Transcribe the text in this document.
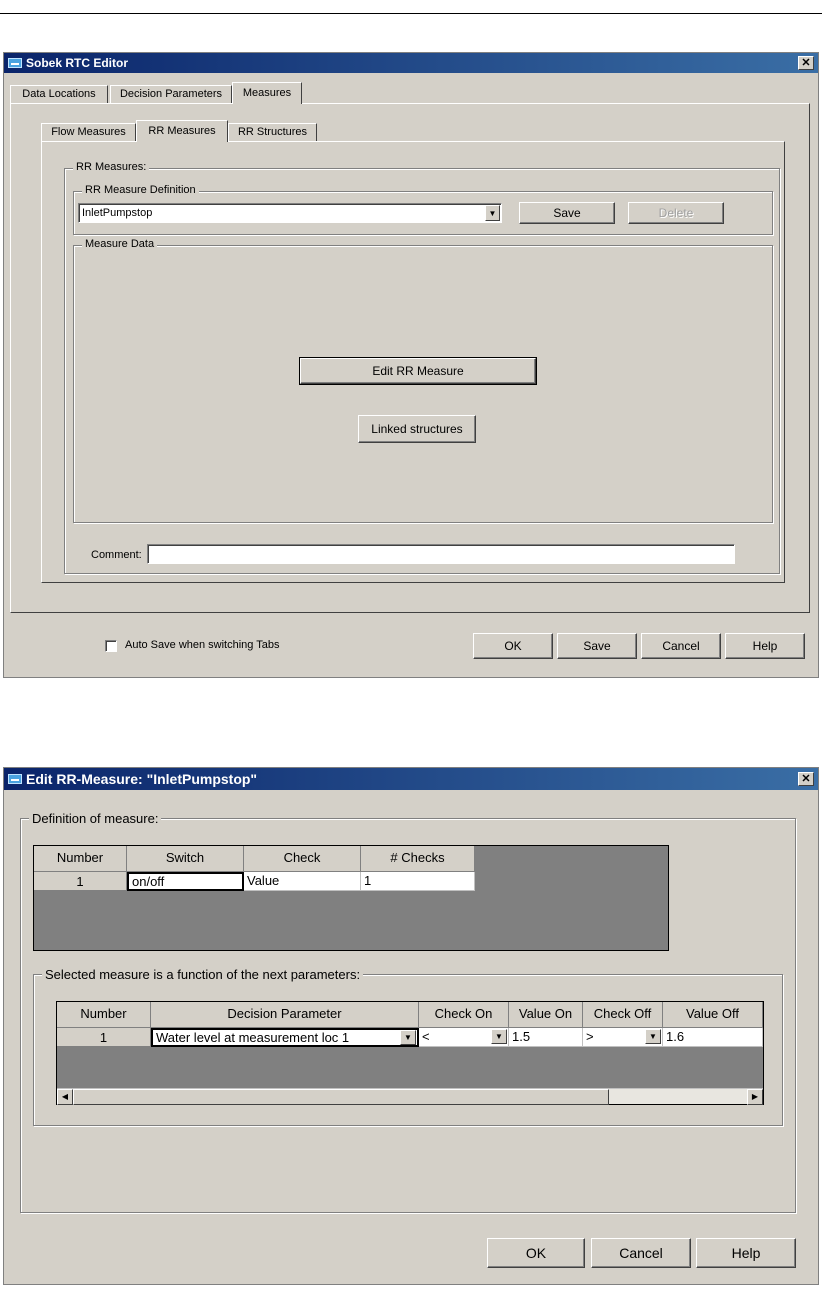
Sobek RTC Editor	✕
Data Locations	Decision Parameters	Measures
Flow Measures	RR Measures	RR Structures
RR Measures:
RR Measure Definition
InletPumpstop	▼	Save	Delete
Measure Data
Edit RR Measure
Linked structures
Comment:
Auto Save when switching Tabs	OK	Save	Cancel	Help
Edit RR-Measure: "InletPumpstop"	✕
Definition of measure:
Number	Switch	Check	# Checks
1	on/off	Value	1
Selected measure is a function of the next parameters:
Number	Decision Parameter	Check On	Value On	Check Off	Value Off
1	Water level at measurement loc 1	▼ <	▼ 1.5	>	▼ 1.6
◀	▶
OK	Cancel	Help
